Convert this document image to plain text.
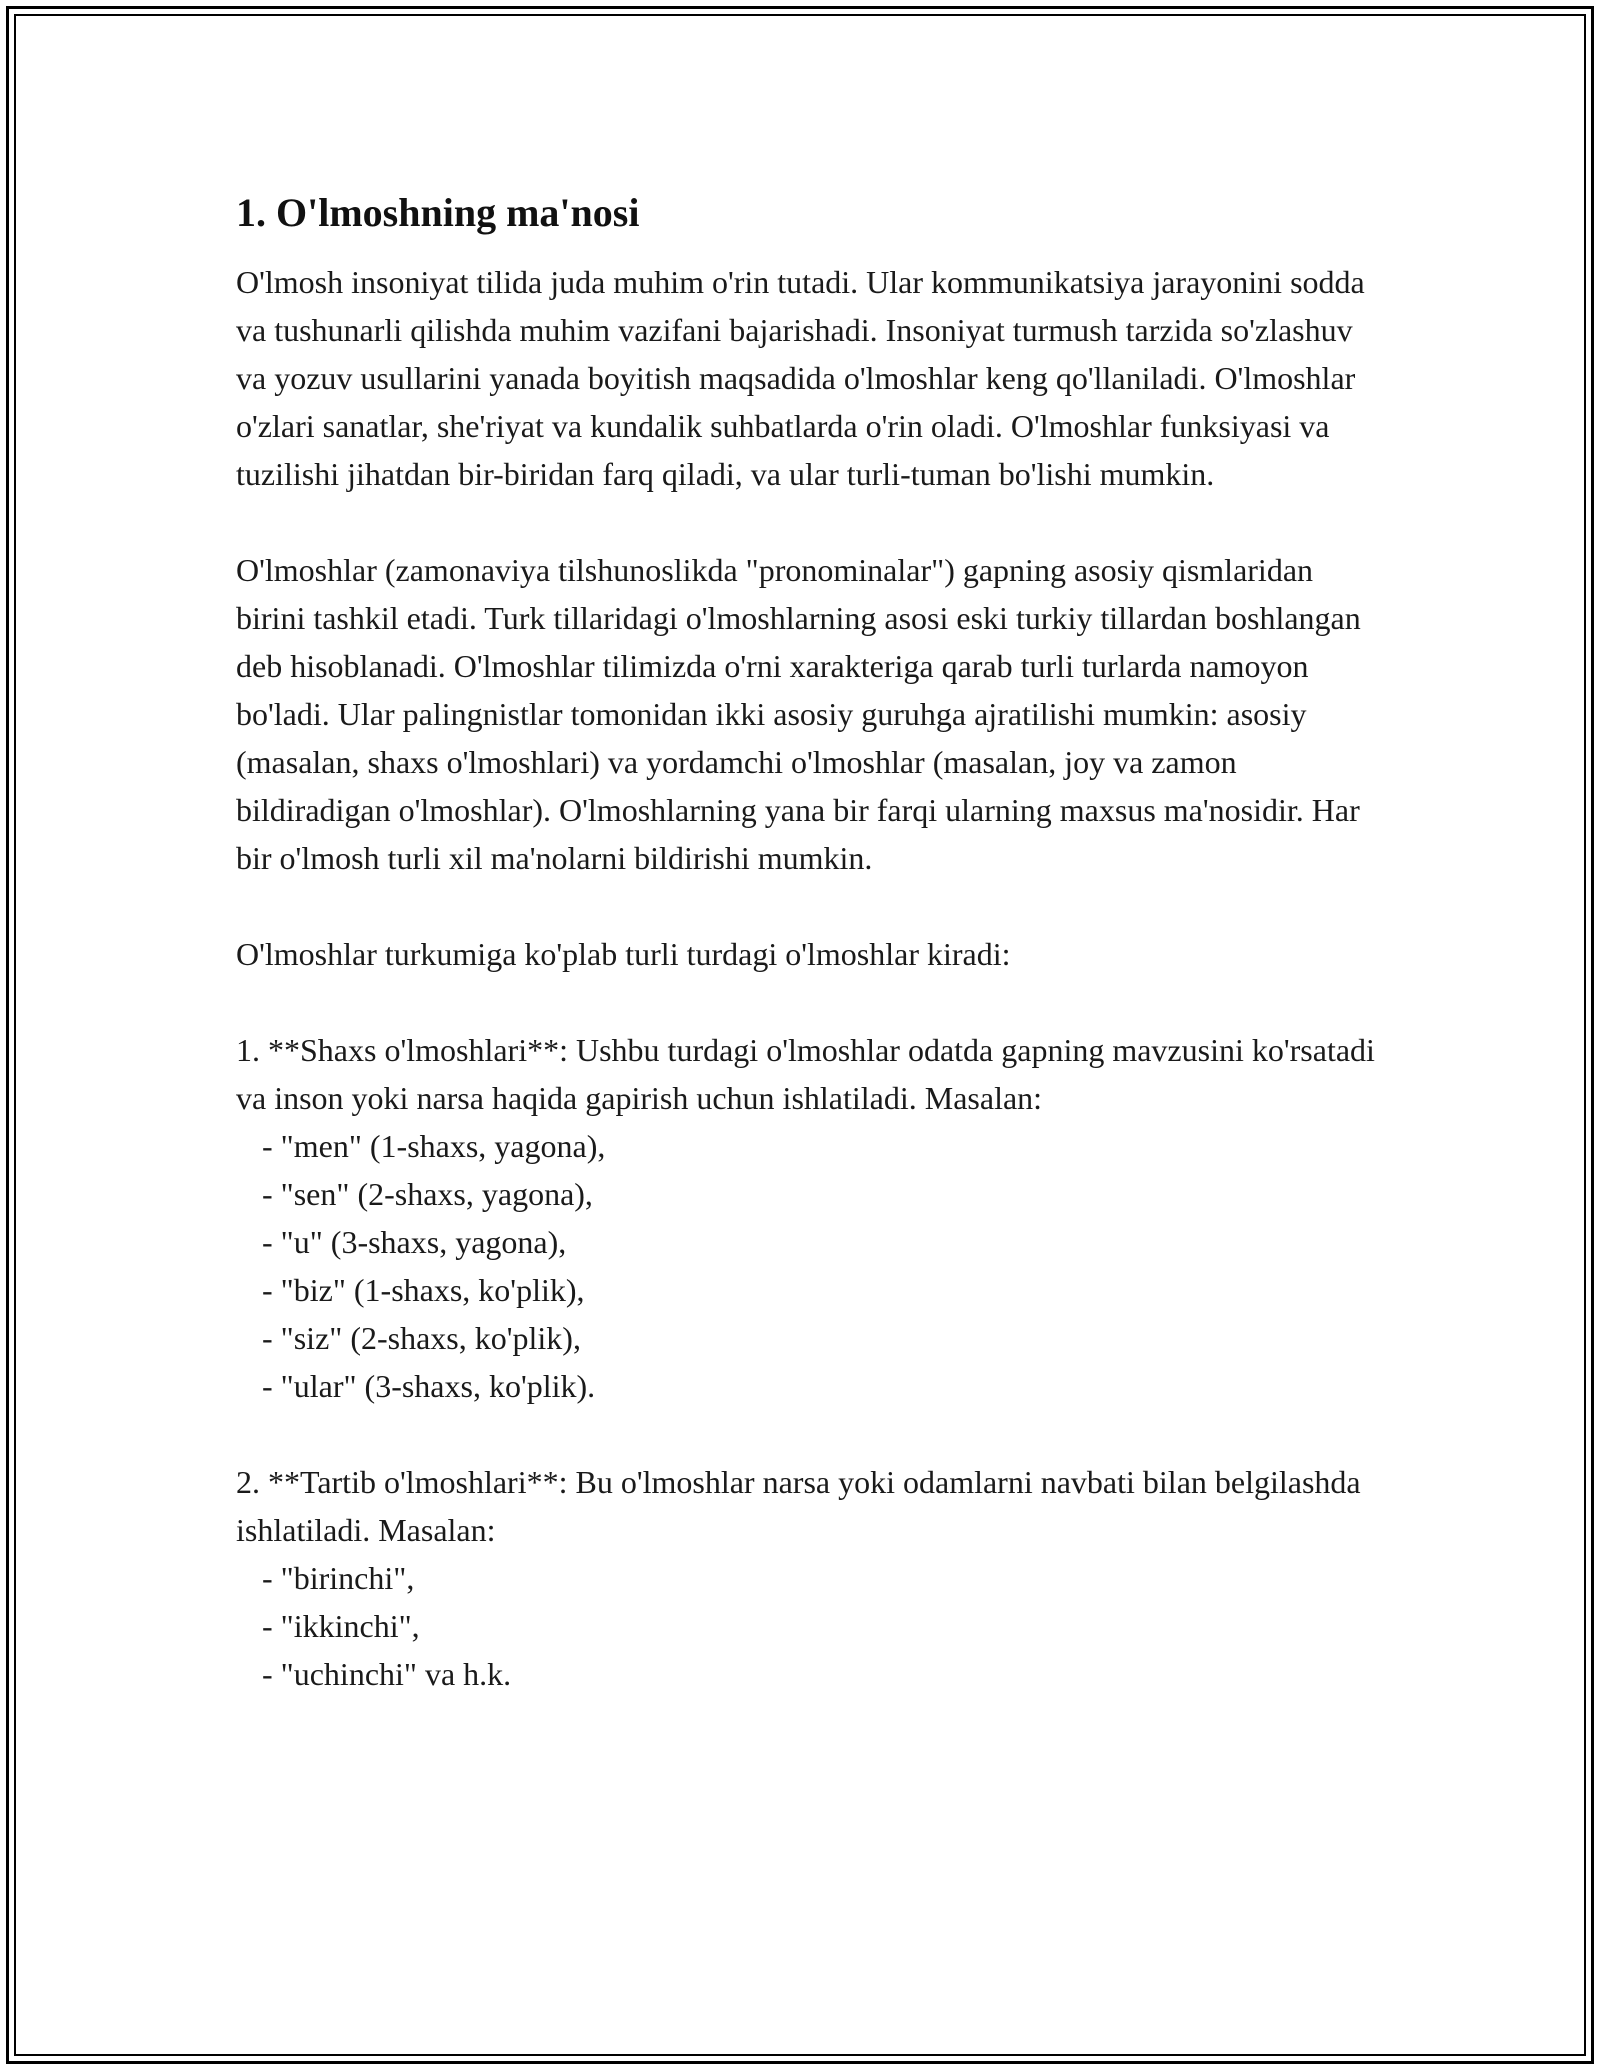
1. O'lmoshning ma'nosi

O'lmosh insoniyat tilida juda muhim o'rin tutadi. Ular kommunikatsiya jarayonini sodda va tushunarli qilishda muhim vazifani bajarishadi. Insoniyat turmush tarzida so'zlashuv va yozuv usullarini yanada boyitish maqsadida o'lmoshlar keng qo'llaniladi. O'lmoshlar o'zlari sanatlar, she'riyat va kundalik suhbatlarda o'rin oladi. O'lmoshlar funksiyasi va tuzilishi jihatdan bir-biridan farq qiladi, va ular turli-tuman bo'lishi mumkin.

O'lmoshlar (zamonaviya tilshunoslikda "pronominalar") gapning asosiy qismlaridan birini tashkil etadi. Turk tillaridagi o'lmoshlarning asosi eski turkiy tillardan boshlangan deb hisoblanadi. O'lmoshlar tilimizda o'rni xarakteriga qarab turli turlarda namoyon bo'ladi. Ular palingnistlar tomonidan ikki asosiy guruhga ajratilishi mumkin: asosiy (masalan, shaxs o'lmoshlari) va yordamchi o'lmoshlar (masalan, joy va zamon bildiradigan o'lmoshlar). O'lmoshlarning yana bir farqi ularning maxsus ma'nosidir. Har bir o'lmosh turli xil ma'nolarni bildirishi mumkin.

O'lmoshlar turkumiga ko'plab turli turdagi o'lmoshlar kiradi:

1. **Shaxs o'lmoshlari**: Ushbu turdagi o'lmoshlar odatda gapning mavzusini ko'rsatadi va inson yoki narsa haqida gapirish uchun ishlatiladi. Masalan:

- "men" (1-shaxs, yagona),
- "sen" (2-shaxs, yagona),
- "u" (3-shaxs, yagona),
- "biz" (1-shaxs, ko'plik),
- "siz" (2-shaxs, ko'plik),
- "ular" (3-shaxs, ko'plik).

2. **Tartib o'lmoshlari**: Bu o'lmoshlar narsa yoki odamlarni navbati bilan belgilashda ishlatiladi. Masalan:

- "birinchi",
- "ikkinchi",
- "uchinchi" va h.k.
